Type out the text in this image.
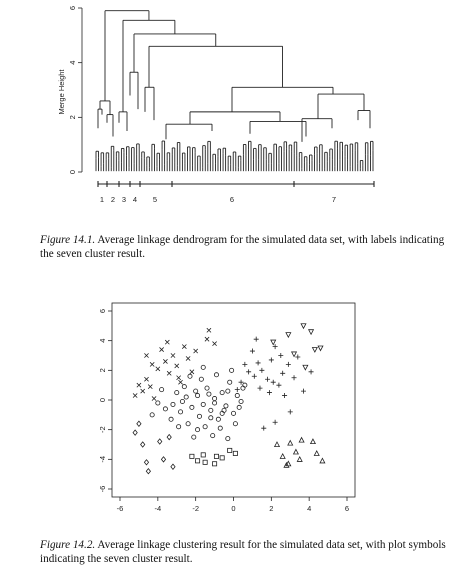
0
2
4
6
Merge Height
1 2 3 4 5	6	7
Figure 14.1. Average linkage dendrogram for the simulated data set, with labels indicating the seven cluster result.
-6	-4	-2	0	2	4	6
-6
-4
-2
0
2
4
6
Figure 14.2. Average linkage clustering result for the simulated data set, with plot symbols indicating the seven cluster result.
